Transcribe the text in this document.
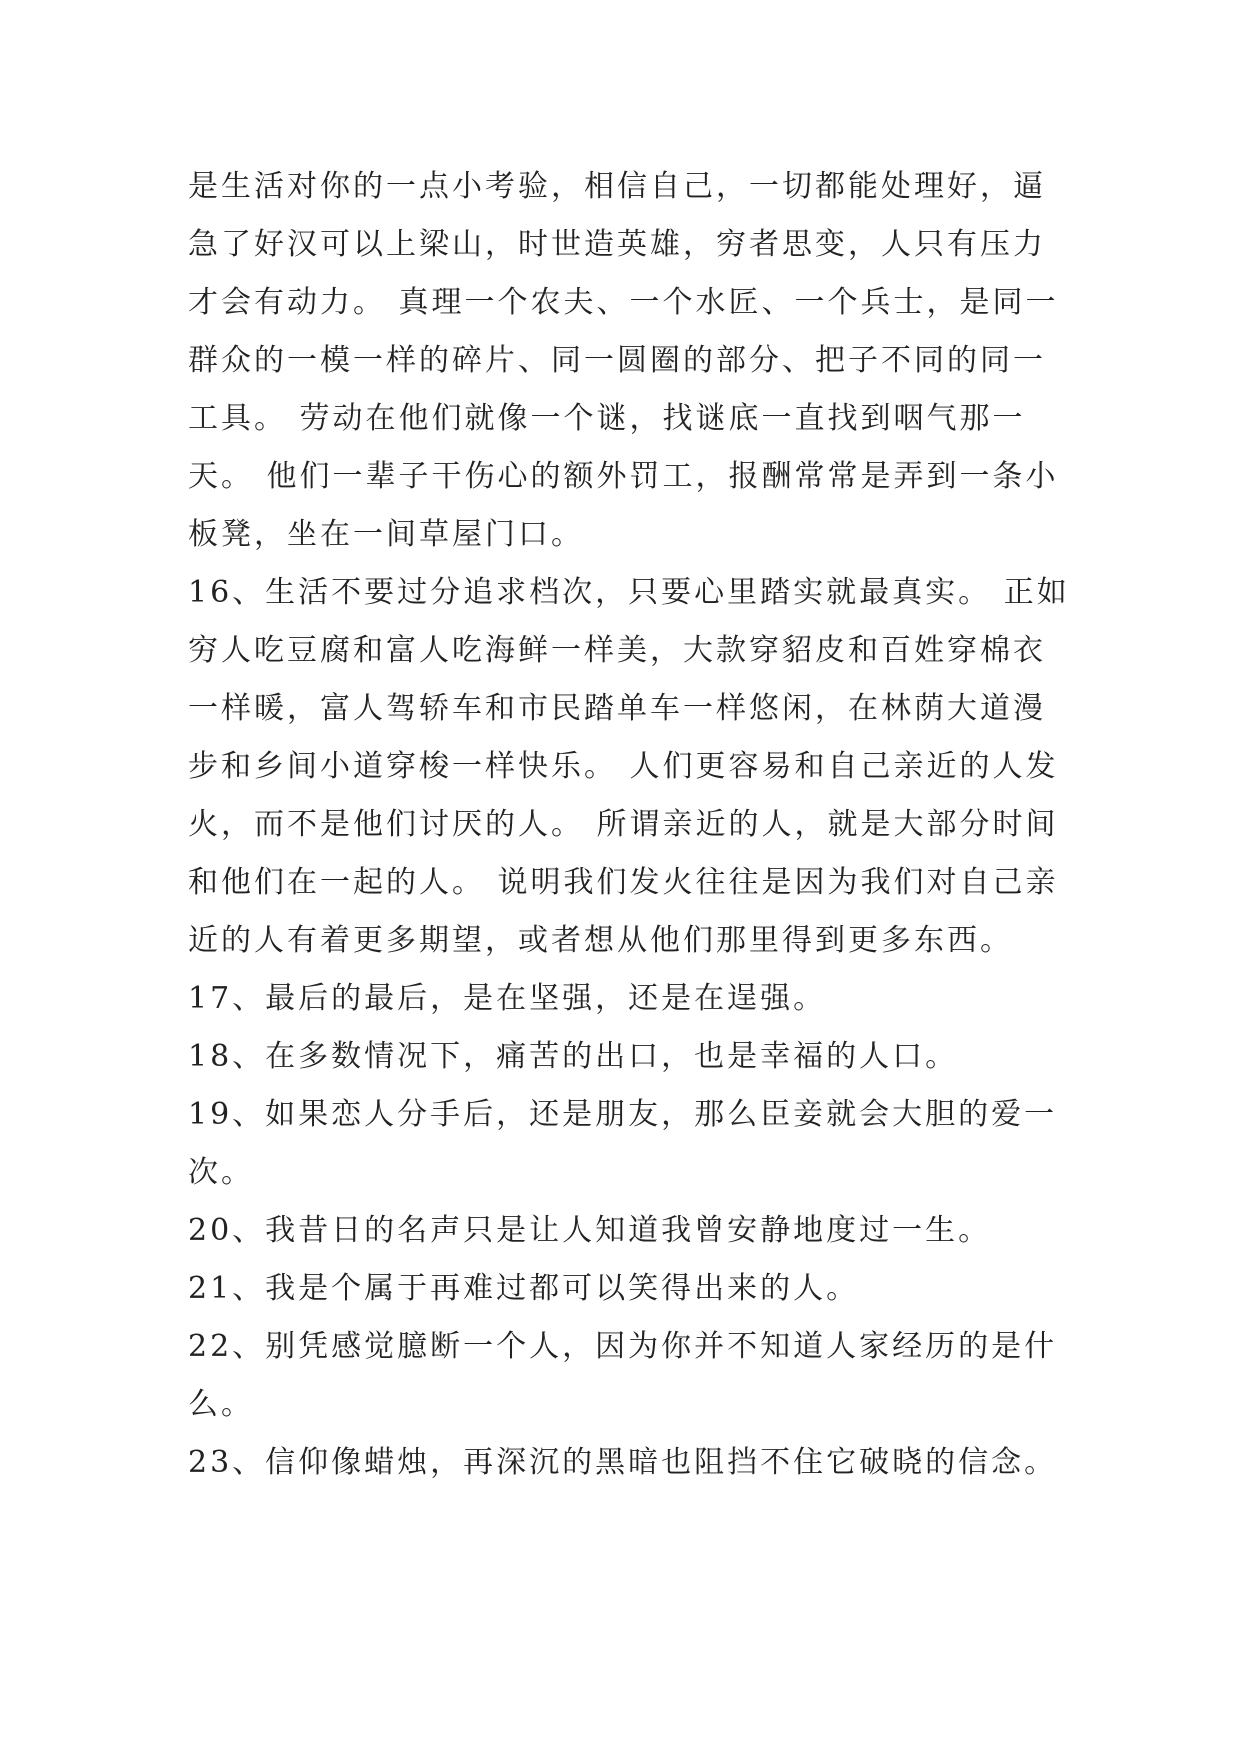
是生活对你的一点小考验，相信自己，一切都能处理好，逼急了好汉可以上梁山，时世造英雄，穷者思变，人只有压力才会有动力。 真理一个农夫、一个水匠、一个兵士，是同一群众的一模一样的碎片、同一圆圈的部分、把子不同的同一工具。 劳动在他们就像一个谜，找谜底一直找到咽气那一天。 他们一辈子干伤心的额外罚工，报酬常常是弄到一条小板凳，坐在一间草屋门口。

16、生活不要过分追求档次，只要心里踏实就最真实。 正如穷人吃豆腐和富人吃海鲜一样美，大款穿貂皮和百姓穿棉衣一样暖，富人驾轿车和市民踏单车一样悠闲，在林荫大道漫步和乡间小道穿梭一样快乐。 人们更容易和自己亲近的人发火，而不是他们讨厌的人。 所谓亲近的人，就是大部分时间和他们在一起的人。 说明我们发火往往是因为我们对自己亲近的人有着更多期望，或者想从他们那里得到更多东西。

17、最后的最后，是在坚强，还是在逞强。

18、在多数情况下，痛苦的出口，也是幸福的人口。

19、如果恋人分手后，还是朋友，那么臣妾就会大胆的爱一次。

20、我昔日的名声只是让人知道我曾安静地度过一生。

21、我是个属于再难过都可以笑得出来的人。

22、别凭感觉臆断一个人，因为你并不知道人家经历的是什么。

23、信仰像蜡烛，再深沉的黑暗也阻挡不住它破晓的信念。
